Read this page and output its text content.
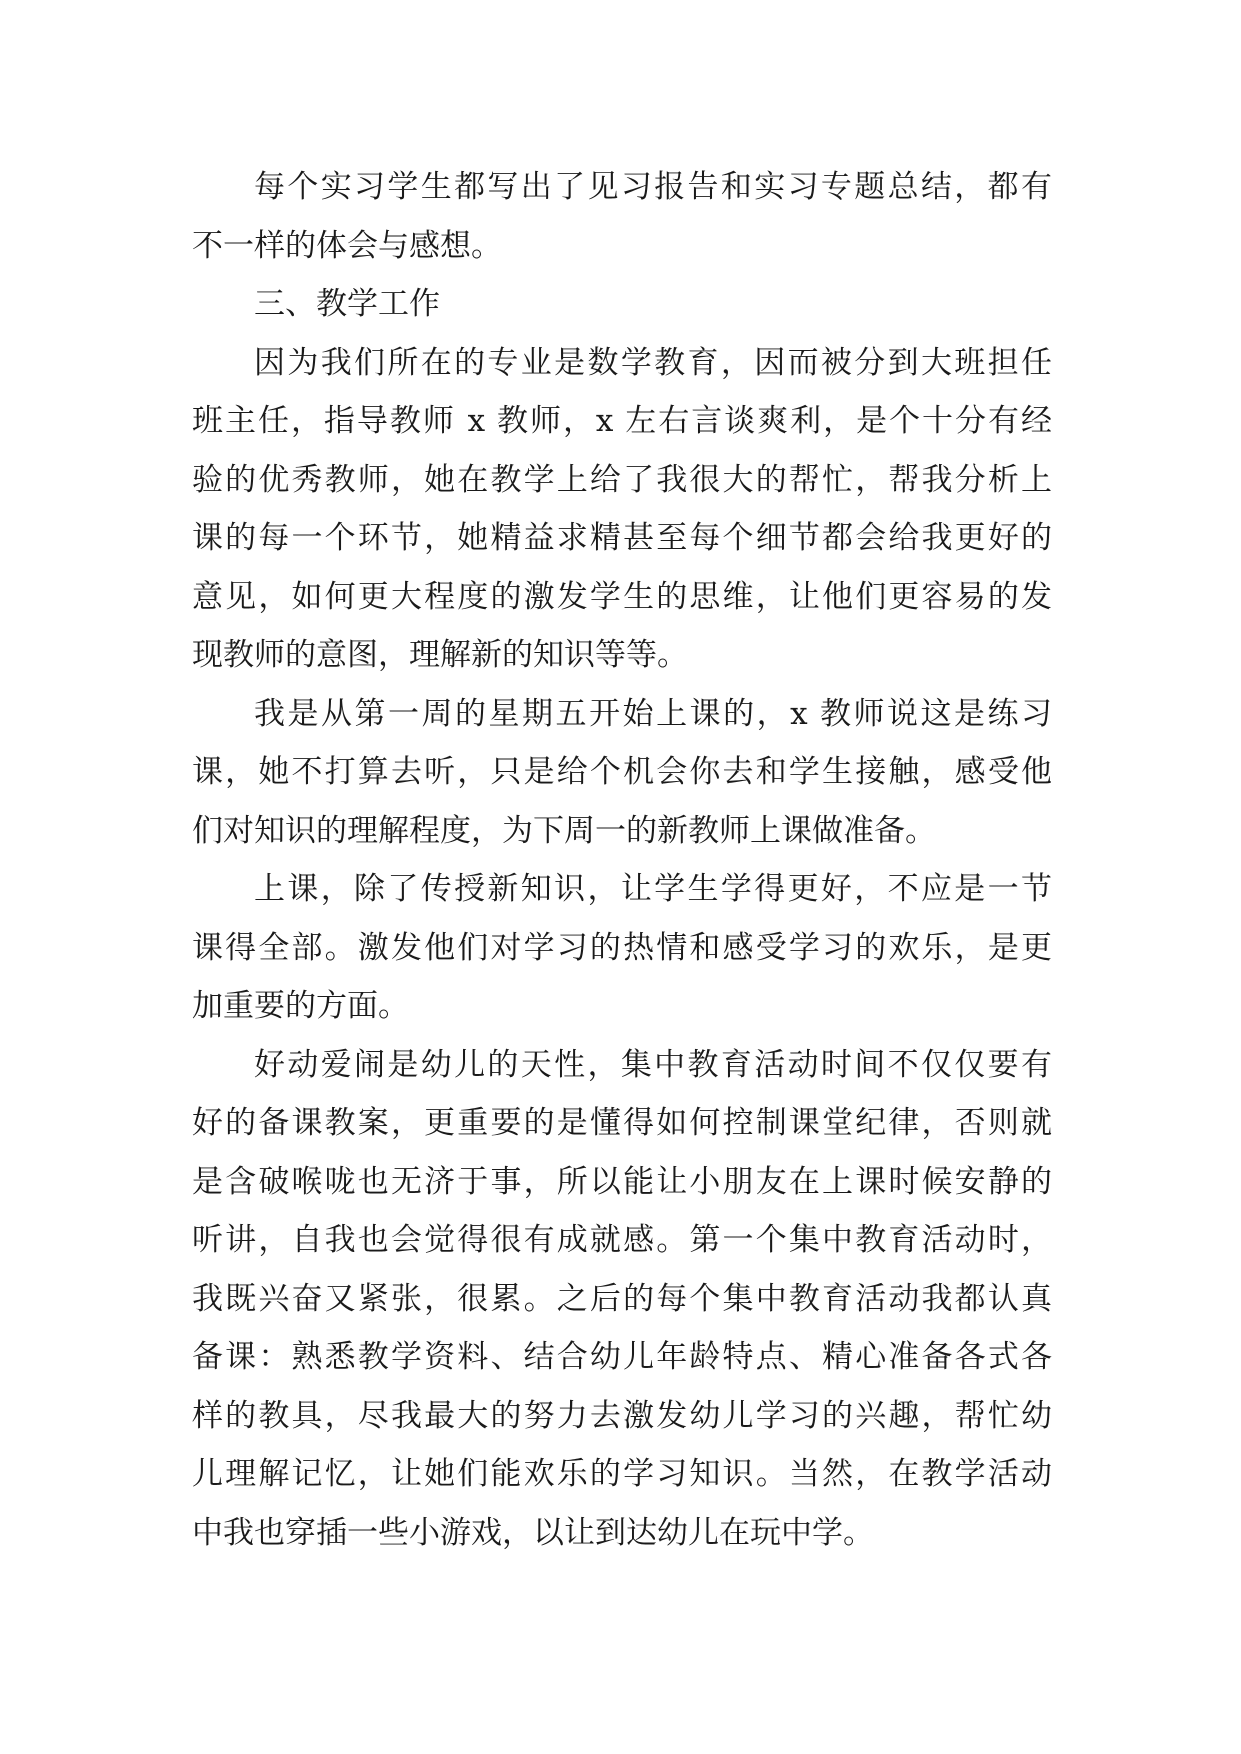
每个实习学生都写出了见习报告和实习专题总结，都有
不一样的体会与感想。
三、教学工作
因为我们所在的专业是数学教育，因而被分到大班担任
班主任，指导教师 x 教师，x 左右言谈爽利，是个十分有经
验的优秀教师，她在教学上给了我很大的帮忙，帮我分析上
课的每一个环节，她精益求精甚至每个细节都会给我更好的
意见，如何更大程度的激发学生的思维，让他们更容易的发
现教师的意图，理解新的知识等等。
我是从第一周的星期五开始上课的，x 教师说这是练习
课，她不打算去听，只是给个机会你去和学生接触，感受他
们对知识的理解程度，为下周一的新教师上课做准备。
上课，除了传授新知识，让学生学得更好，不应是一节
课得全部。激发他们对学习的热情和感受学习的欢乐，是更
加重要的方面。
好动爱闹是幼儿的天性，集中教育活动时间不仅仅要有
好的备课教案，更重要的是懂得如何控制课堂纪律，否则就
是含破喉咙也无济于事，所以能让小朋友在上课时候安静的
听讲，自我也会觉得很有成就感。第一个集中教育活动时，
我既兴奋又紧张，很累。之后的每个集中教育活动我都认真
备课：熟悉教学资料、结合幼儿年龄特点、精心准备各式各
样的教具，尽我最大的努力去激发幼儿学习的兴趣，帮忙幼
儿理解记忆，让她们能欢乐的学习知识。当然，在教学活动
中我也穿插一些小游戏，以让到达幼儿在玩中学。
